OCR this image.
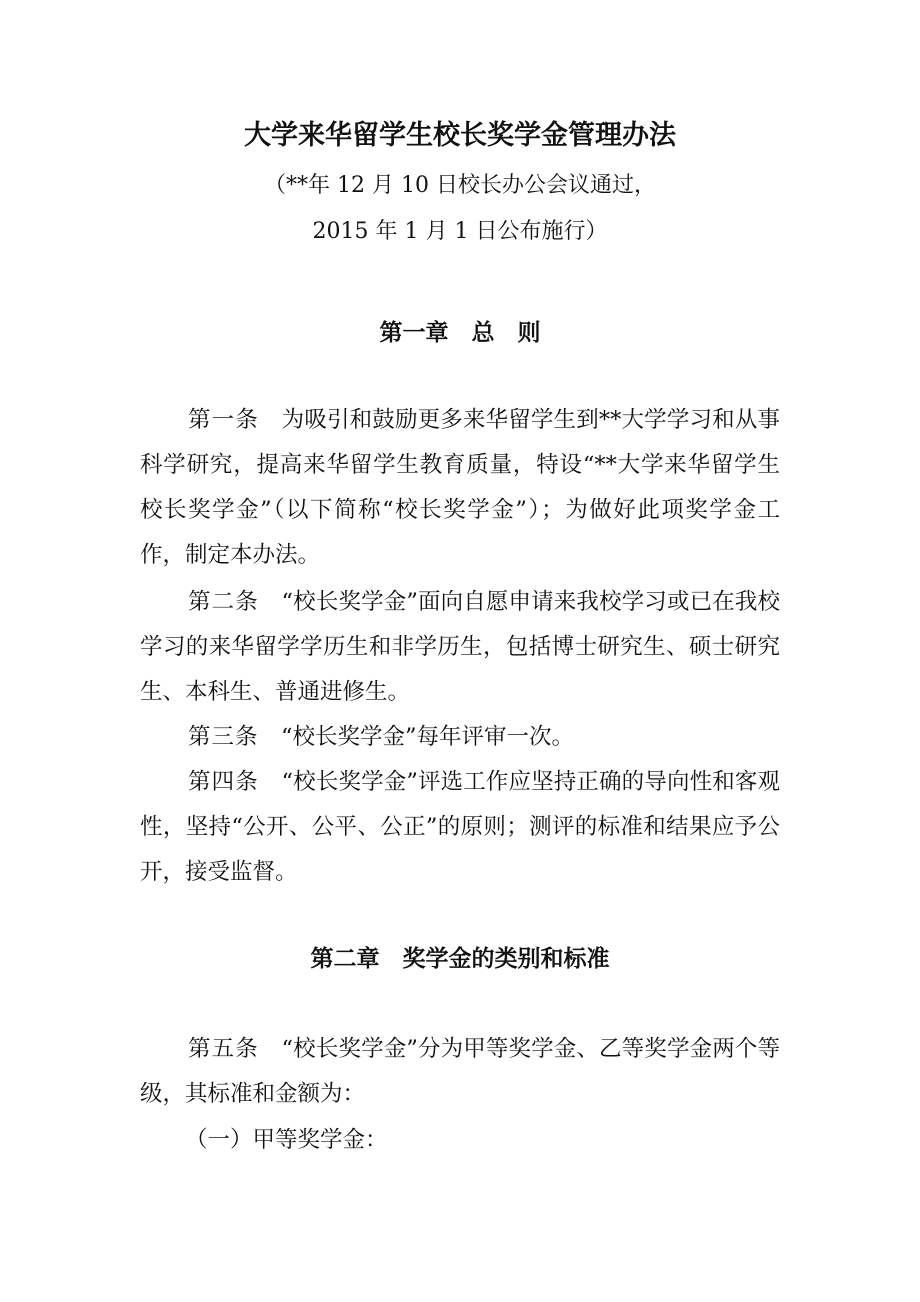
大学来华留学生校长奖学金管理办法
（**年 12 月 10 日校长办公会议通过，
2015 年 1 月 1 日公布施行）
第一章　总　则
第一条　 为吸引和鼓励更多来华留学生到**大学学习和从事科学研究，提高来华留学生教育质量，特设“**大学来华留学生校长奖学金”（以下简称“校长奖学金”）；为做好此项奖学金工作，制定本办法。
第二条　 “校长奖学金”面向自愿申请来我校学习或已在我校学习的来华留学学历生和非学历生，包括博士研究生、硕士研究生、本科生、普通进修生。
第三条　 “校长奖学金”每年评审一次。
第四条　 “校长奖学金”评选工作应坚持正确的导向性和客观性，坚持“公开、公平、公正”的原则；测评的标准和结果应予公开，接受监督。
第二章　奖学金的类别和标准
第五条　 “校长奖学金”分为甲等奖学金、乙等奖学金两个等级，其标准和金额为：
（一）甲等奖学金：
